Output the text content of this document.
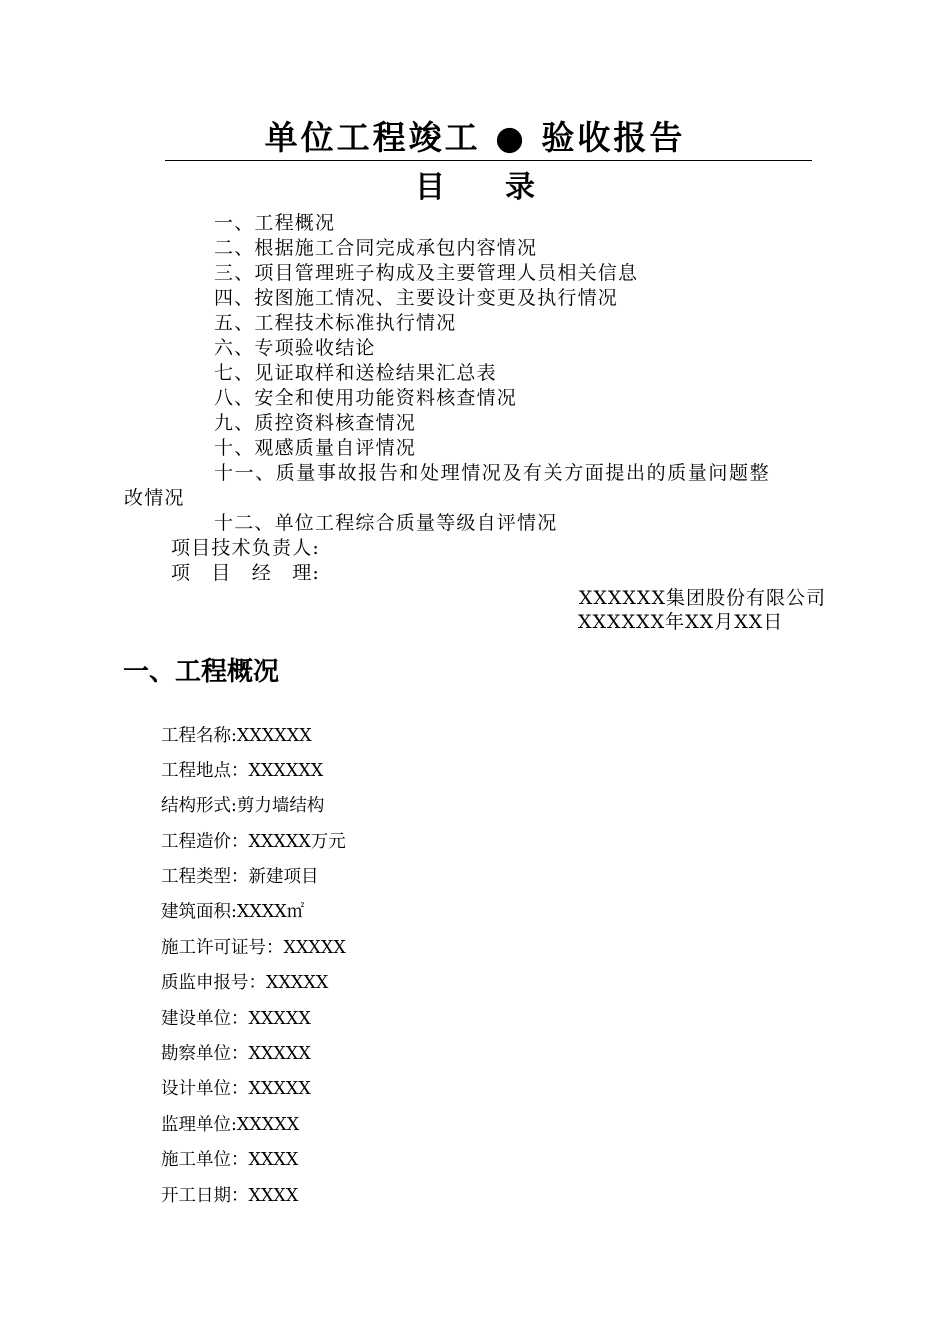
单位工程竣工 ● 验收报告
目　　录
一、工程概况
二、根据施工合同完成承包内容情况
三、项目管理班子构成及主要管理人员相关信息
四、按图施工情况、主要设计变更及执行情况
五、工程技术标准执行情况
六、专项验收结论
七、见证取样和送检结果汇总表
八、安全和使用功能资料核查情况
九、质控资料核查情况
十、观感质量自评情况
十一、质量事故报告和处理情况及有关方面提出的质量问题整
改情况
十二、单位工程综合质量等级自评情况
项目技术负责人:
项　目　经　理:
XXXXXX集团股份有限公司
XXXXXX年XX月XX日
一、工程概况
工程名称:XXXXXX
工程地点：XXXXXX
结构形式:剪力墙结构
工程造价：XXXXX万元
工程类型：新建项目
建筑面积:XXXX㎡
施工许可证号：XXXXX
质监申报号：XXXXX
建设单位：XXXXX
勘察单位：XXXXX
设计单位：XXXXX
监理单位:XXXXX
施工单位：XXXX
开工日期：XXXX
